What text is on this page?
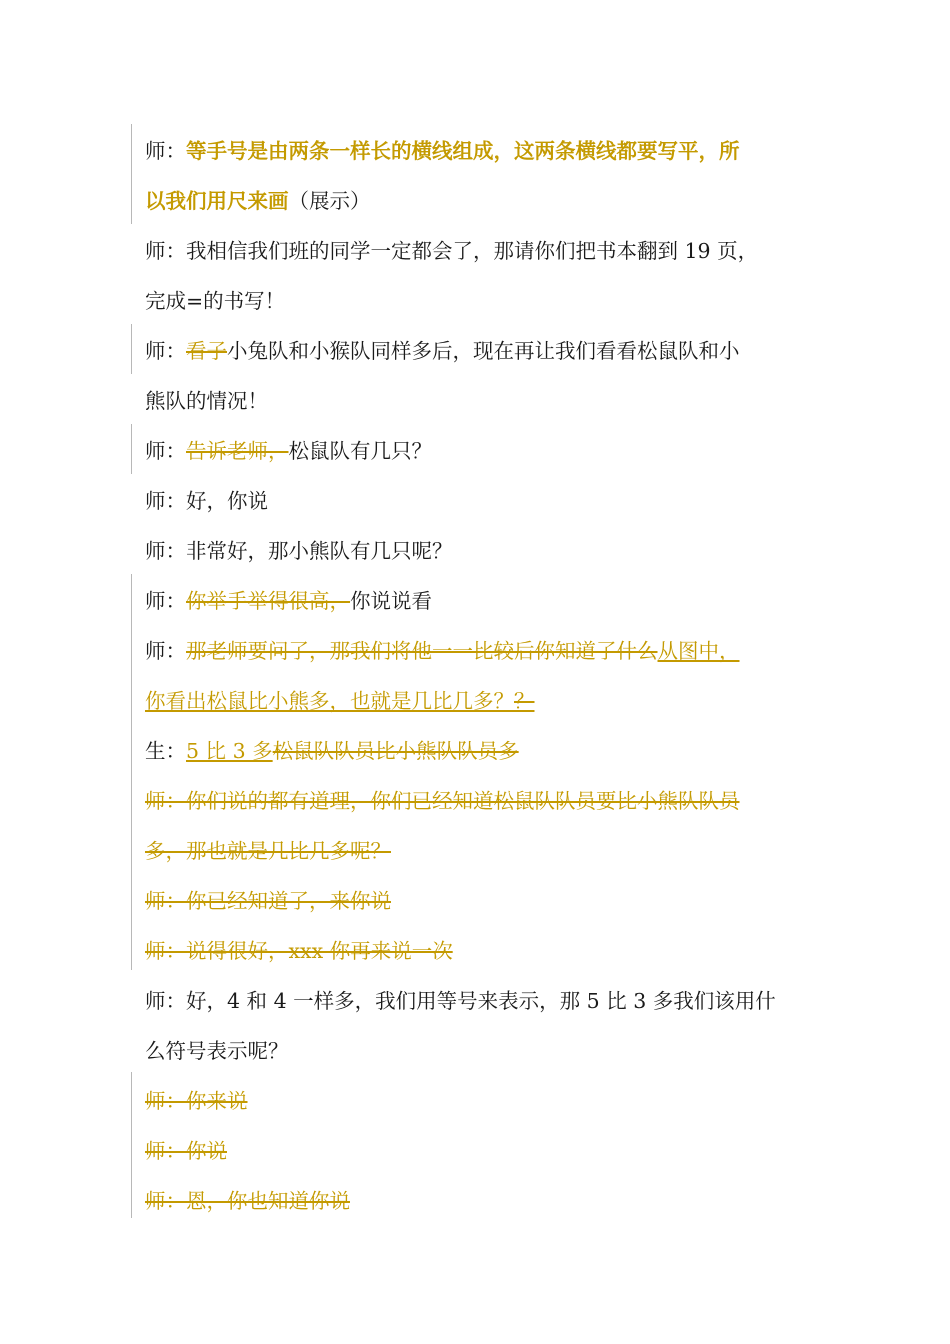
师：等手号是由两条一样长的横线组成，这两条横线都要写平，所
以我们用尺来画（展示）
师：我相信我们班的同学一定都会了，那请你们把书本翻到 19 页，
完成=的书写！
师：看子小兔队和小猴队同样多后，现在再让我们看看松鼠队和小
熊队的情况！
师：告诉老师，松鼠队有几只？
师：好，你说
师：非常好，那小熊队有几只呢？
师：你举手举得很高，你说说看
师：那老师要问了，那我们将他一一比较后你知道了什么从图中，
你看出松鼠比小熊多，也就是几比几多？？
生：5 比 3 多松鼠队队员比小熊队队员多
师：你们说的都有道理，你们已经知道松鼠队队员要比小熊队队员
多，那也就是几比几多呢？
师：你已经知道了，来你说
师：说得很好，xxx 你再来说一次
师：好，4 和 4 一样多，我们用等号来表示，那 5 比 3 多我们该用什
么符号表示呢？
师：你来说
师：你说
师：恩，你也知道你说
